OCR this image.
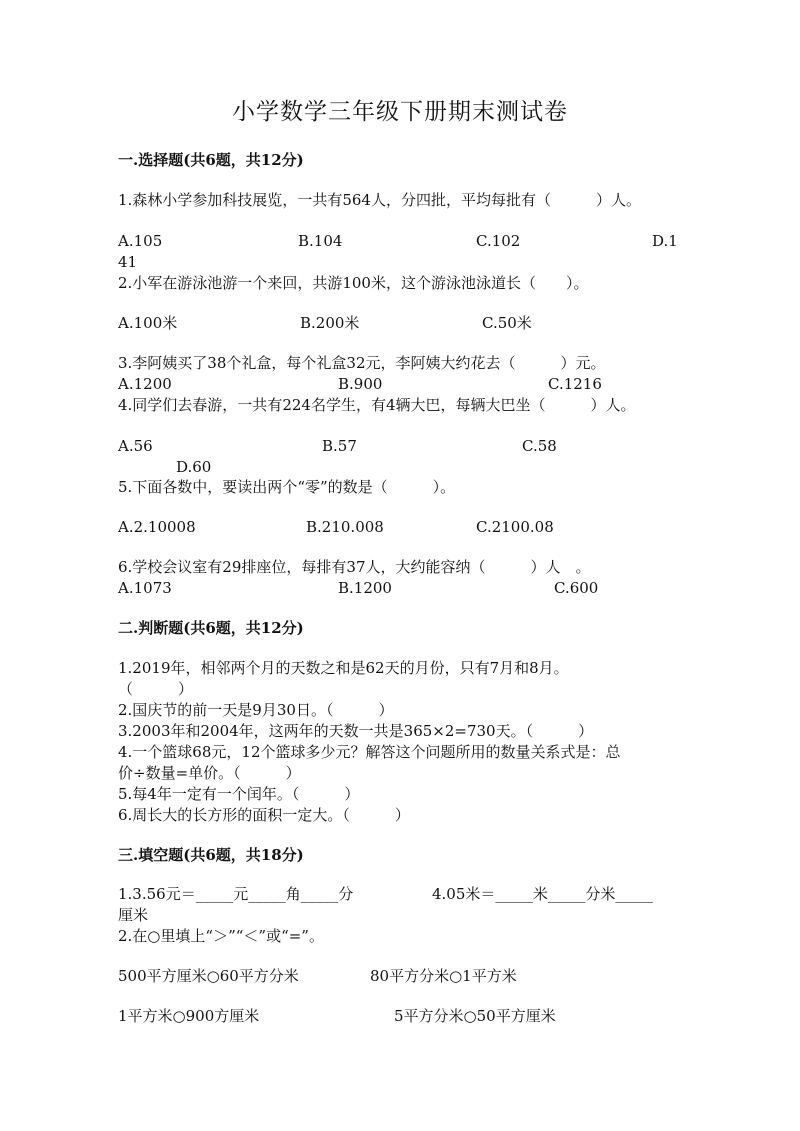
小学数学三年级下册期末测试卷
一.选择题(共6题，共12分)
1.森林小学参加科技展览，一共有564人，分四批，平均每批有（　　　）人。
A.105	B.104	C.102	D.1
41
2.小军在游泳池游一个来回，共游100米，这个游泳池泳道长（　　）。
A.100米	B.200米	C.50米
3.李阿姨买了38个礼盒，每个礼盒32元，李阿姨大约花去（　　　）元。
A.1200	B.900	C.1216
4.同学们去春游，一共有224名学生，有4辆大巴，每辆大巴坐（　　　）人。
A.56	B.57	C.58
D.60
5.下面各数中，要读出两个“零”的数是（　　　）。
A.2.10008	B.210.008	C.2100.08
6.学校会议室有29排座位，每排有37人，大约能容纳（　　　）人　。
A.1073	B.1200	C.600
二.判断题(共6题，共12分)
1.2019年，相邻两个月的天数之和是62天的月份，只有7月和8月。
（　　　）
2.国庆节的前一天是9月30日。（　　　）
3.2003年和2004年，这两年的天数一共是365×2=730天。（　　　）
4.一个篮球68元，12个篮球多少元？解答这个问题所用的数量关系式是：总
价÷数量=单价。（　　　）
5.每4年一定有一个闰年。（　　　）
6.周长大的长方形的面积一定大。（　　　）
三.填空题(共6题，共18分)
1.3.56元＝_____元_____角_____分	4.05米＝_____米_____分米_____
厘米
2.在○里填上“＞”“＜”或“=”。
500平方厘米○60平方分米	80平方分米○1平方米
1平方米○900方厘米	5平方分米○50平方厘米
